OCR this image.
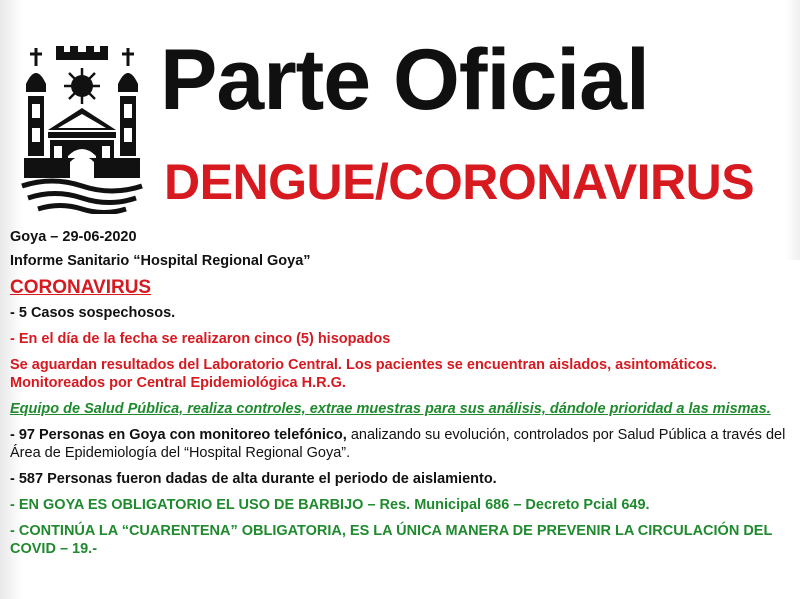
Parte Oficial
DENGUE/CORONAVIRUS

Goya – 29-06-2020

Informe Sanitario “Hospital Regional Goya”

CORONAVIRUS

- 5 Casos sospechosos.

- En el día de la fecha se realizaron cinco (5) hisopados

Se aguardan resultados del Laboratorio Central. Los pacientes se encuentran aislados, asintomáticos.

Monitoreados por Central Epidemiológica H.R.G.

Equipo de Salud Pública, realiza controles, extrae muestras para sus análisis, dándole prioridad a las mismas.

- 97 Personas en Goya con monitoreo telefónico, analizando su evolución, controlados por Salud Pública a través del Área de Epidemiología del “Hospital Regional Goya”.

- 587 Personas fueron dadas de alta durante el periodo de aislamiento.

- EN GOYA ES OBLIGATORIO EL USO DE BARBIJO – Res. Municipal 686 – Decreto Pcial 649.

- CONTINÚA LA “CUARENTENA” OBLIGATORIA, ES LA ÚNICA MANERA DE PREVENIR LA CIRCULACIÓN DEL COVID – 19.-
